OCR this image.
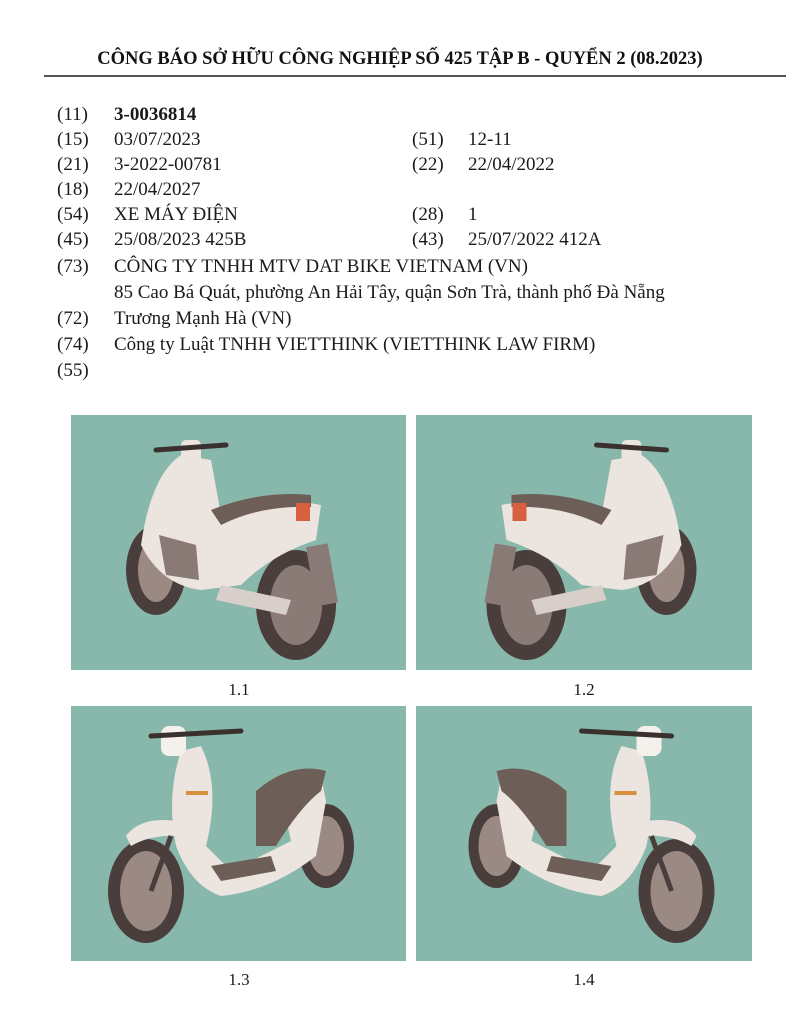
CÔNG BÁO SỞ HỮU CÔNG NGHIỆP SỐ 425 TẬP B - QUYỂN 2 (08.2023)
(11) 3-0036814
(15) 03/07/2023	(51) 12-11
(21) 3-2022-00781	(22) 22/04/2022
(18) 22/04/2027
(54) XE MÁY ĐIỆN	(28) 1
(45) 25/08/2023 425B	(43) 25/07/2022 412A
(73) CÔNG TY TNHH MTV DAT BIKE VIETNAM (VN)
85 Cao Bá Quát, phường An Hải Tây, quận Sơn Trà, thành phố Đà Nẵng
(72) Trương Mạnh Hà (VN)
(74) Công ty Luật TNHH VIETTHINK (VIETTHINK LAW FIRM)
(55)
1.1	1.2
1.3	1.4
